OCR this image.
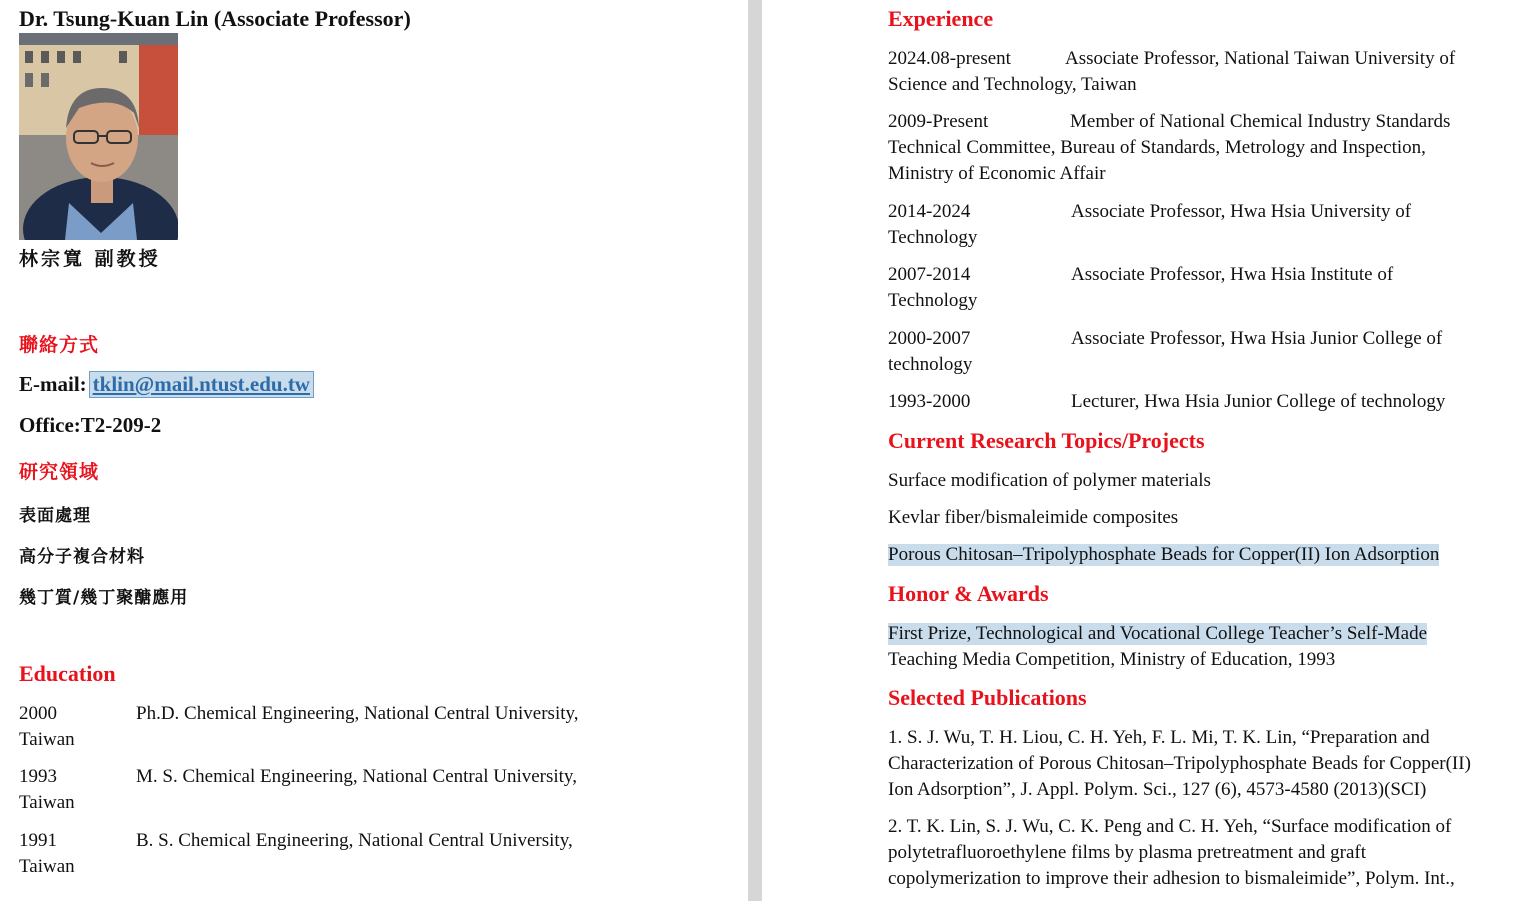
Dr. Tsung-Kuan Lin (Associate Professor)
林宗寬 副教授
聯絡方式
E-mail: tklin@mail.ntust.edu.tw
Office:T2-209-2
研究領域
表面處理
高分子複合材料
幾丁質/幾丁聚醣應用
Education
2000	Ph.D. Chemical Engineering, National Central University,
Taiwan
1993	M. S. Chemical Engineering, National Central University,
Taiwan
1991	B. S. Chemical Engineering, National Central University,
Taiwan
Experience
2024.08-present	Associate Professor, National Taiwan University of
Science and Technology, Taiwan
2009-Present	Member of National Chemical Industry Standards
Technical Committee, Bureau of Standards, Metrology and Inspection,
Ministry of Economic Affair
2014-2024	Associate Professor, Hwa Hsia University of
Technology
2007-2014	Associate Professor, Hwa Hsia Institute of
Technology
2000-2007	Associate Professor, Hwa Hsia Junior College of
technology
1993-2000	Lecturer, Hwa Hsia Junior College of technology
Current Research Topics/Projects
Surface modification of polymer materials
Kevlar fiber/bismaleimide composites
Porous Chitosan–Tripolyphosphate Beads for Copper(II) Ion Adsorption
Honor & Awards
First Prize, Technological and Vocational College Teacher’s Self-Made
Teaching Media Competition, Ministry of Education, 1993
Selected Publications
1. S. J. Wu, T. H. Liou, C. H. Yeh, F. L. Mi, T. K. Lin, “Preparation and
Characterization of Porous Chitosan–Tripolyphosphate Beads for Copper(II)
Ion Adsorption”, J. Appl. Polym. Sci., 127 (6), 4573-4580 (2013)(SCI)
2. T. K. Lin, S. J. Wu, C. K. Peng and C. H. Yeh, “Surface modification of
polytetrafluoroethylene films by plasma pretreatment and graft
copolymerization to improve their adhesion to bismaleimide”, Polym. Int.,
